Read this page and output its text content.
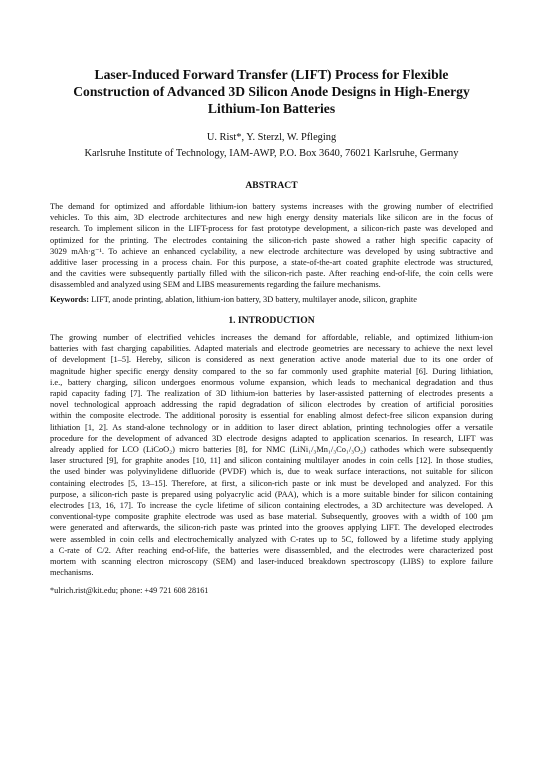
Laser-Induced Forward Transfer (LIFT) Process for Flexible
Construction of Advanced 3D Silicon Anode Designs in High-Energy
Lithium-Ion Batteries
U. Rist*, Y. Sterzl, W. Pfleging
Karlsruhe Institute of Technology, IAM-AWP, P.O. Box 3640, 76021 Karlsruhe, Germany
ABSTRACT
The demand for optimized and affordable lithium-ion battery systems increases with the growing number of electrified
vehicles. To this aim, 3D electrode architectures and new high energy density materials like silicon are in the focus of
research. To implement silicon in the LIFT-process for fast prototype development, a silicon-rich paste was developed and
optimized for the printing. The electrodes containing the silicon-rich paste showed a rather high specific capacity of
3029 mAh·g⁻¹. To achieve an enhanced cyclability, a new electrode architecture was developed by using subtractive and
additive laser processing in a process chain. For this purpose, a state-of-the-art coated graphite electrode was structured,
and the cavities were subsequently partially filled with the silicon-rich paste. After reaching end-of-life, the coin cells were
disassembled and analyzed using SEM and LIBS measurements regarding the failure mechanisms.
Keywords: LIFT, anode printing, ablation, lithium-ion battery, 3D battery, multilayer anode, silicon, graphite
1. INTRODUCTION
The growing number of electrified vehicles increases the demand for affordable, reliable, and optimized lithium-ion
batteries with fast charging capabilities. Adapted materials and electrode geometries are necessary to achieve the next level
of development [1–5]. Hereby, silicon is considered as next generation active anode material due to its one order of
magnitude higher specific energy density compared to the so far commonly used graphite material [6]. During lithiation,
i.e., battery charging, silicon undergoes enormous volume expansion, which leads to mechanical degradation and thus
rapid capacity fading [7]. The realization of 3D lithium-ion batteries by laser-assisted patterning of electrodes presents a
novel technological approach addressing the rapid degradation of silicon electrodes by creation of artificial porosities
within the composite electrode. The additional porosity is essential for enabling almost defect-free silicon expansion during
lithiation [1, 2]. As stand-alone technology or in addition to laser direct ablation, printing technologies offer a versatile
procedure for the development of advanced 3D electrode designs adapted to application scenarios. In research, LIFT was
already applied for LCO (LiCoO₂) micro batteries [8], for NMC (LiNi₁/₃Mn₁/₃Co₁/₃O₂) cathodes which were subsequently
laser structured [9], for graphite anodes [10, 11] and silicon containing multilayer anodes in coin cells [12]. In those studies,
the used binder was polyvinylidene difluoride (PVDF) which is, due to weak surface interactions, not suitable for silicon
containing electrodes [5, 13–15]. Therefore, at first, a silicon-rich paste or ink must be developed and analyzed. For this
purpose, a silicon-rich paste is prepared using polyacrylic acid (PAA), which is a more suitable binder for silicon containing
electrodes [13, 16, 17]. To increase the cycle lifetime of silicon containing electrodes, a 3D architecture was developed. A
conventional-type composite graphite electrode was used as base material. Subsequently, grooves with a width of 100 µm
were generated and afterwards, the silicon-rich paste was printed into the grooves applying LIFT. The developed electrodes
were assembled in coin cells and electrochemically analyzed with C-rates up to 5C, followed by a lifetime study applying
a C-rate of C/2. After reaching end-of-life, the batteries were disassembled, and the electrodes were characterized post
mortem with scanning electron microscopy (SEM) and laser-induced breakdown spectroscopy (LIBS) to explore failure
mechanisms.
*ulrich.rist@kit.edu; phone: +49 721 608 28161
